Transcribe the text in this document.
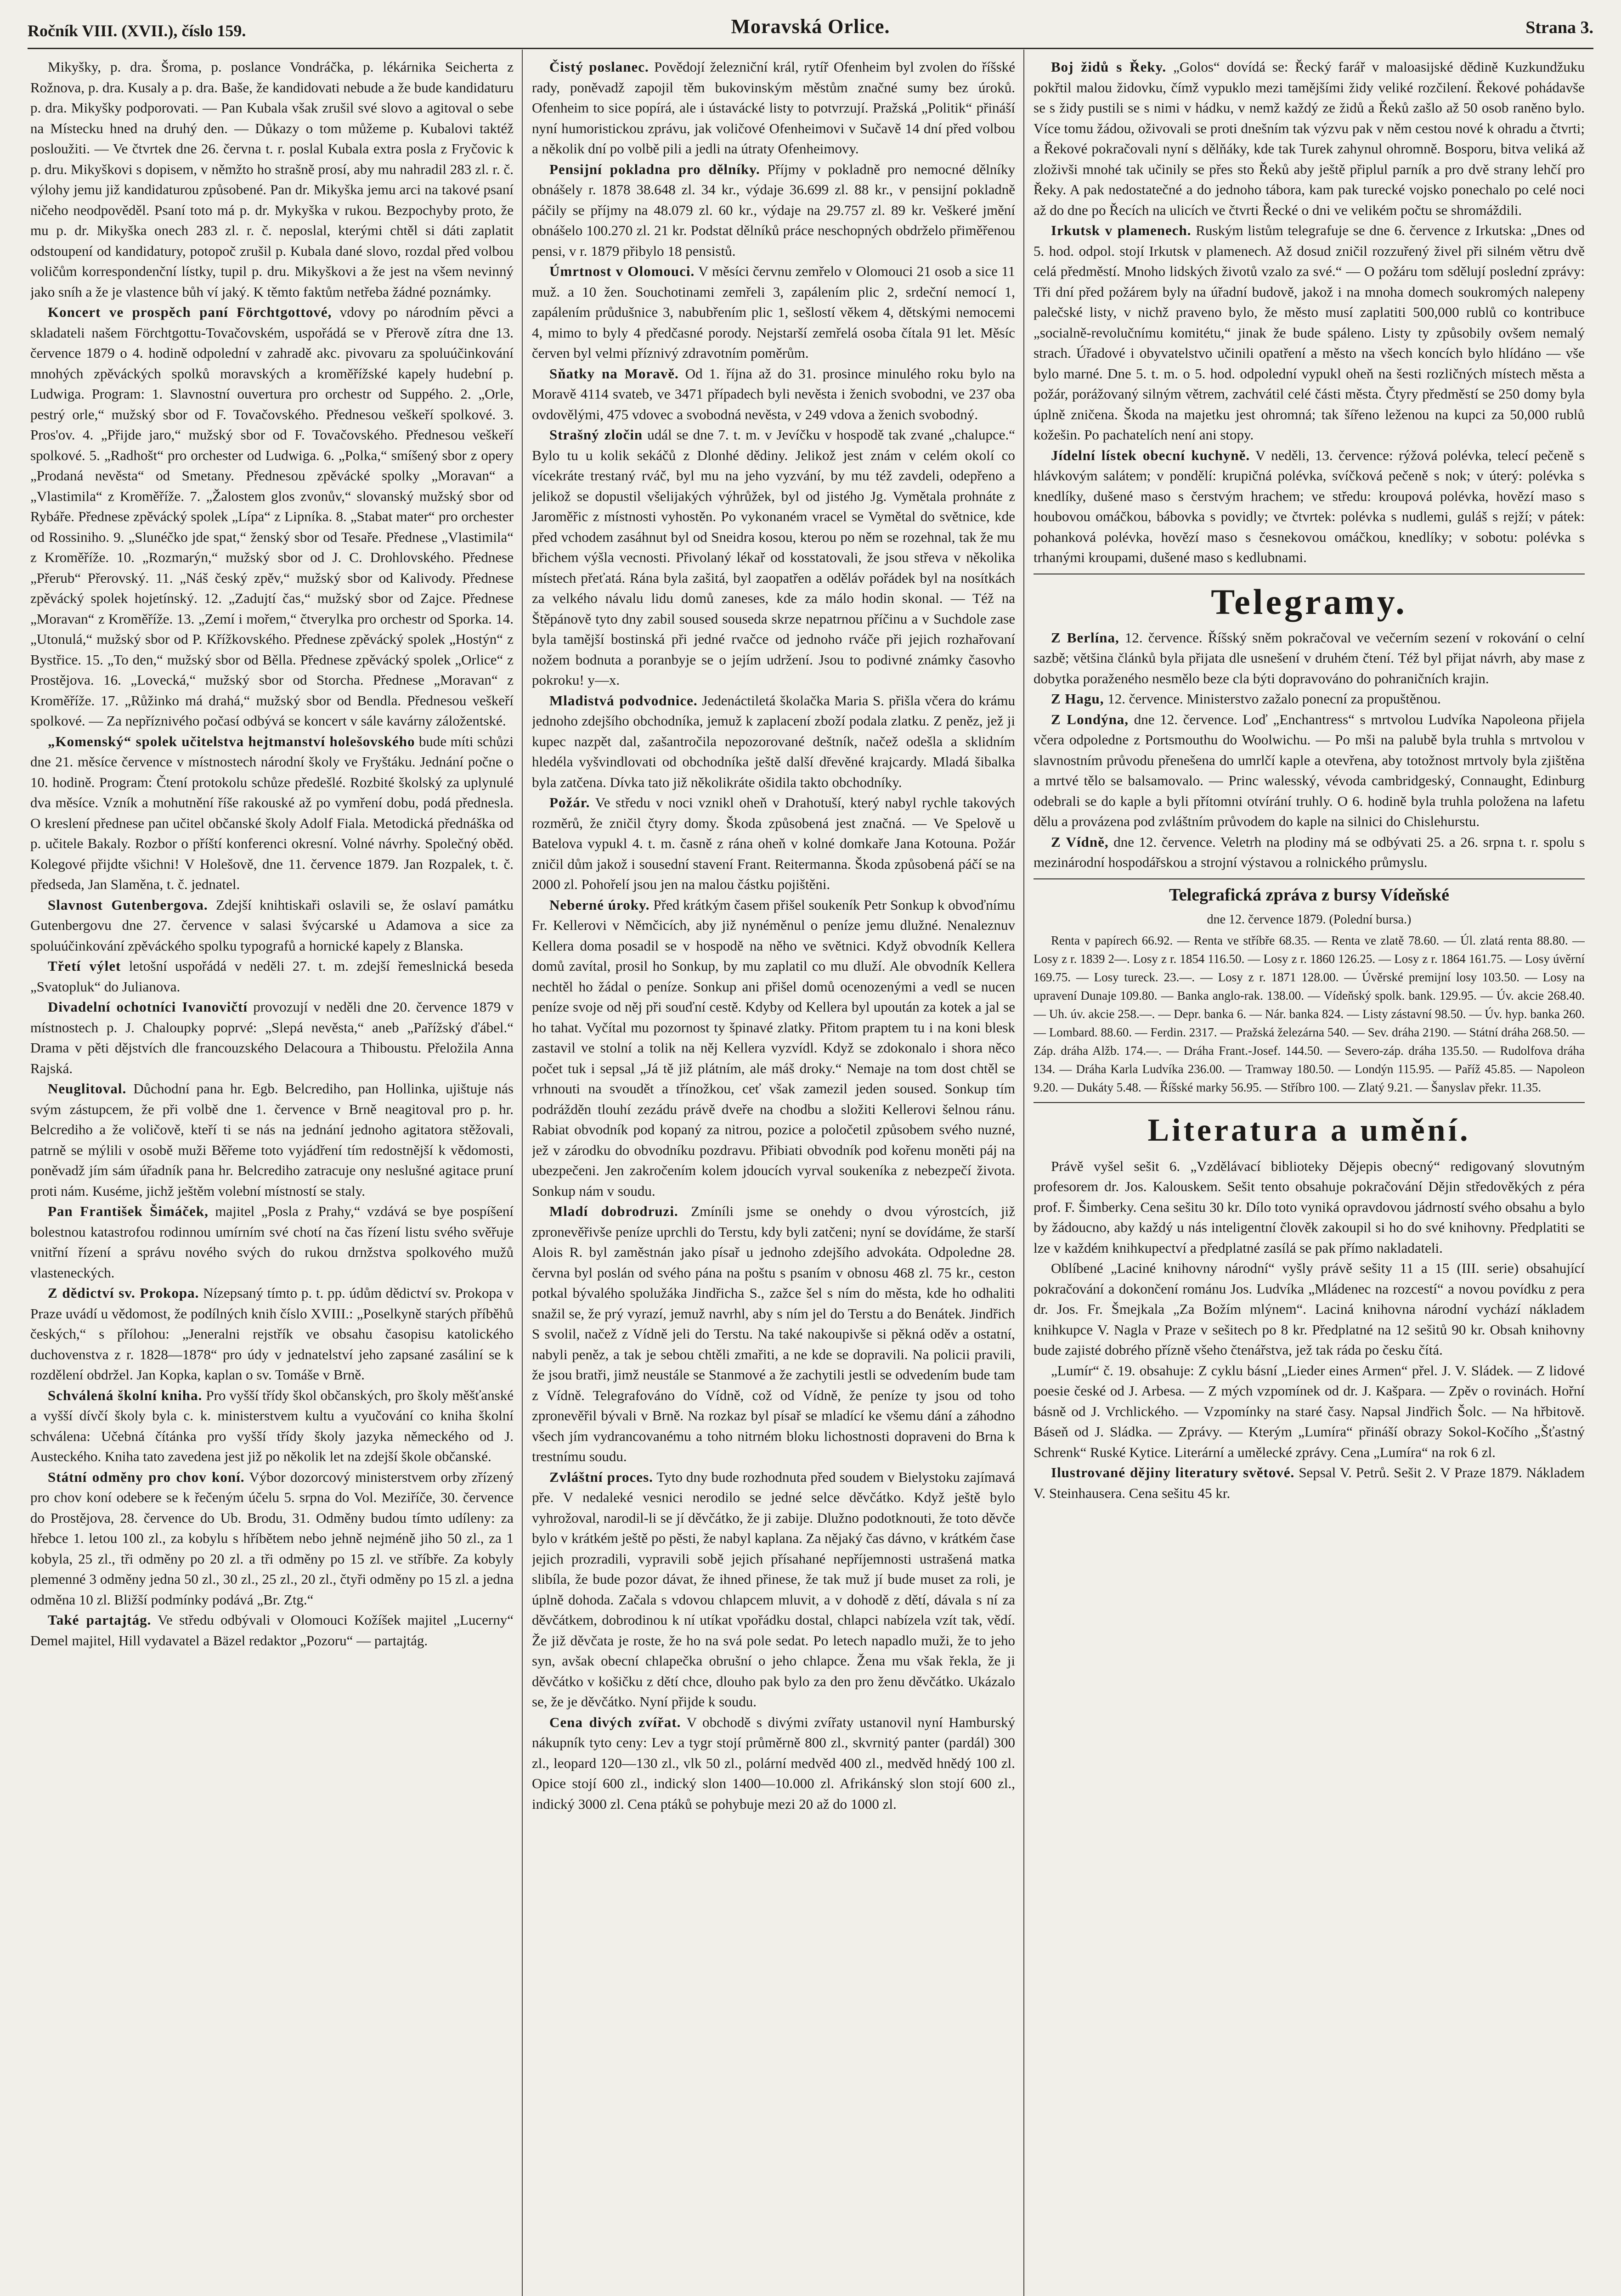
Ročník VIII. (XVII.), číslo 159.	Moravská Orlice.	Strana 3.

Mikyšky, p. dra. Šroma, p. poslance Vondráčka, p. lékárnika Seicherta z Rožnova, p. dra. Kusaly a p. dra. Baše, že kandidovati nebude a že bude kandidaturu p. dra. Mikyšky podporovati. — Pan Kubala však zrušil své slovo a agitoval o sebe na Místecku hned na druhý den. — Důkazy o tom můžeme p. Kubalovi taktéž posloužiti. — Ve čtvrtek dne 26. června t. r. poslal Kubala extra posla z Fryčovic k p. dru. Mikyškovi s dopisem, v němžto ho strašně prosí, aby mu nahradil 283 zl. r. č. výlohy jemu již kandidaturou způsobené. Pan dr. Mikyška jemu arci na takové psaní ničeho neodpověděl. Psaní toto má p. dr. Mykyška v rukou. Bezpochyby proto, že mu p. dr. Mikyška onech 283 zl. r. č. neposlal, kterými chtěl si dáti zaplatit odstoupení od kandidatury, potopoč zrušil p. Kubala dané slovo, rozdal před volbou voličům korrespondenční lístky, tupil p. dru. Mikyškovi a že jest na všem nevinný jako sníh a že je vlastence bůh ví jaký. K těmto faktům netřeba žádné poznámky.

Koncert ve prospěch paní Förchtgottové, vdovy po národním pěvci a skladateli našem Förchtgottu-Tovačovském, uspořádá se v Přerově zítra dne 13. července 1879 o 4. hodině odpolední v zahradě akc. pivovaru za spoluúčinkování mnohých zpěváckých spolků moravských a kroměřížské kapely hudební p. Ludwiga. Program: 1. Slavnostní ouvertura pro orchestr od Suppého. 2. „Orle, pestrý orle,“ mužský sbor od F. Tovačovského. Přednesou veškeří spolkové. 3. Pros'ov. 4. „Přijde jaro,“ mužský sbor od F. Tovačovského. Přednesou veškeří spolkové. 5. „Radhošt“ pro orchester od Ludwiga. 6. „Polka,“ smíšený sbor z opery „Prodaná nevěsta“ od Smetany. Přednesou zpěvácké spolky „Moravan“ a „Vlastimila“ z Kroměříže. 7. „Žalostem glos zvonův,“ slovanský mužský sbor od Rybáře. Přednese zpěvácký spolek „Lípa“ z Lipníka. 8. „Stabat mater“ pro orchester od Rossiniho. 9. „Slunéčko jde spat,“ ženský sbor od Tesaře. Přednese „Vlastimila“ z Kroměříže. 10. „Rozmarýn,“ mužský sbor od J. C. Drohlovského. Přednese „Přerub“ Přerovský. 11. „Náš český zpěv,“ mužský sbor od Kalivody. Přednese zpěvácký spolek hojetínský. 12. „Zadujtí čas,“ mužský sbor od Zajce. Přednese „Moravan“ z Kroměříže. 13. „Zemí i mořem,“ čtverylka pro orchestr od Sporka. 14. „Utonulá,“ mužský sbor od P. Křížkovského. Přednese zpěvácký spolek „Hostýn“ z Bystřice. 15. „To den,“ mužský sbor od Bělla. Přednese zpěvácký spolek „Orlice“ z Prostějova. 16. „Lovecká,“ mužský sbor od Storcha. Přednese „Moravan“ z Kroměříže. 17. „Růžinko má drahá,“ mužský sbor od Bendla. Přednesou veškeří spolkové. — Za nepříznivého počasí odbývá se koncert v sále kavárny záložentské.

„Komenský“ spolek učitelstva hejtmanství holešovského bude míti schůzi dne 21. měsíce července v místnostech národní školy ve Fryštáku. Jednání počne o 10. hodině. Program: Čtení protokolu schůze předešlé. Rozbité školský za uplynulé dva měsíce. Vzník a mohutnění říše rakouské až po vymření dobu, podá přednesla. O kreslení přednese pan učitel občanské školy Adolf Fiala. Metodická přednáška od p. učitele Bakaly. Rozbor o příští konferenci okresní. Volné návrhy. Společný oběd. Kolegové přijdte všichni! V Holešově, dne 11. července 1879. Jan Rozpalek, t. č. předseda, Jan Slaměna, t. č. jednatel.

Slavnost Gutenbergova. Zdejší knihtiskaři oslavili se, že oslaví památku Gutenbergovu dne 27. července v salasi švýcarské u Adamova a sice za spoluúčinkování zpěváckého spolku typografů a hornické kapely z Blanska.

Třetí výlet letošní uspořádá v neděli 27. t. m. zdejší řemeslnická beseda „Svatopluk“ do Julianova.

Divadelní ochotníci Ivanovičtí provozují v neděli dne 20. července 1879 v místnostech p. J. Chaloupky poprvé: „Slepá nevěsta,“ aneb „Pařížský ďábel.“ Drama v pěti dějstvích dle francouzského Delacoura a Thiboustu. Přeložila Anna Rajská.

Neuglitoval. Důchodní pana hr. Egb. Belcrediho, pan Hollinka, ujištuje nás svým zástupcem, že při volbě dne 1. července v Brně neagitoval pro p. hr. Belcrediho a že voličově, kteří ti se nás na jednání jednoho agitatora stěžovali, patrně se mýlili v osobě muži Běřeme toto vyjádření tím redostnější k vědomosti, poněvadž jím sám úřadník pana hr. Belcrediho zatracuje ony neslušné agitace pruní proti nám. Kuséme, jichž ještěm volební místností se staly.

Pan František Šimáček, majitel „Posla z Prahy,“ vzdává se bye pospíšení bolestnou katastrofou rodinnou umírním své chotí na čas řízení listu svého svěřuje vnitřní řízení a správu nového svých do rukou drnžstva spolkového mužů vlasteneckých.

Z dědictví sv. Prokopa. Nízepsaný tímto p. t. pp. údům dědictví sv. Prokopa v Praze uvádí u vědomost, že podílných knih číslo XVIII.: „Poselkyně starých příběhů českých,“ s přílohou: „Jeneralni rejstřík ve obsahu časopisu katolického duchovenstva z r. 1828—1878“ pro údy v jednatelství jeho zapsané zasáliní se k rozdělení obdržel. Jan Kopka, kaplan o sv. Tomáše v Brně.

Schválená školní kniha. Pro vyšší třídy škol občanských, pro školy měšťanské a vyšší dívčí školy byla c. k. ministerstvem kultu a vyučování co kniha školní schválena: Učebná čítánka pro vyšší třídy školy jazyka německého od J. Austeckého. Kniha tato zavedena jest již po několik let na zdejší škole občanské.

Státní odměny pro chov koní. Výbor dozorcový ministerstvem orby zřízený pro chov koní odebere se k řečeným účelu 5. srpna do Vol. Meziříče, 30. července do Prostějova, 28. července do Ub. Brodu, 31. Odměny budou tímto udíleny: za hřebce 1. letou 100 zl., za kobylu s hříbětem nebo jehně nejméně jiho 50 zl., za 1 kobyla, 25 zl., tři odměny po 20 zl. a tři odměny po 15 zl. ve stříbře. Za kobyly plemenné 3 odměny jedna 50 zl., 30 zl., 25 zl., 20 zl., čtyři odměny po 15 zl. a jedna odměna 10 zl. Bližší podmínky podává „Br. Ztg.“

Také partajtág. Ve středu odbývali v Olomouci Kožíšek majitel „Lucerny“ Demel majitel, Hill vydavatel a Bäzel redaktor „Pozoru“ — partajtág.

Čistý poslanec. Povědojí železniční král, rytíř Ofenheim byl zvolen do říšské rady, poněvadž zapojil těm bukovinským městům značné sumy bez úroků. Ofenheim to sice popírá, ale i ústavácké listy to potvrzují. Pražská „Politik“ přináší nyní humoristickou zprávu, jak voličové Ofenheimovi v Sučavě 14 dní před volbou a několik dní po volbě pili a jedli na útraty Ofenheimovy.

Pensijní pokladna pro dělníky. Příjmy v pokladně pro nemocné dělníky obnášely r. 1878 38.648 zl. 34 kr., výdaje 36.699 zl. 88 kr., v pensijní pokladně páčily se příjmy na 48.079 zl. 60 kr., výdaje na 29.757 zl. 89 kr. Veškeré jmění obnášelo 100.270 zl. 21 kr. Podstat dělníků práce neschopných obdrželo přiměřenou pensi, v r. 1879 přibylo 18 pensistů.

Úmrtnost v Olomouci. V měsíci červnu zemřelo v Olomouci 21 osob a sice 11 muž. a 10 žen. Souchotinami zemřeli 3, zapálením plic 2, srdeční nemocí 1, zapálením průdušnice 3, nabubřením plic 1, sešlostí věkem 4, dětskými nemocemi 4, mimo to byly 4 předčasné porody. Nejstarší zemřelá osoba čítala 91 let. Měsíc červen byl velmi příznivý zdravotním poměrům.

Sňatky na Moravě. Od 1. října až do 31. prosince minulého roku bylo na Moravě 4114 svateb, ve 3471 případech byli nevěsta i ženich svobodni, ve 237 oba ovdovělými, 475 vdovec a svobodná nevěsta, v 249 vdova a ženich svobodný.

Strašný zločin udál se dne 7. t. m. v Jevíčku v hospodě tak zvané „chalupce.“ Bylo tu u kolik sekáčů z Dlonhé dědiny. Jelikož jest znám v celém okolí co vícekráte trestaný rváč, byl mu na jeho vyzvání, by mu též zavdeli, odepřeno a jelikož se dopustil všelijakých výhrůžek, byl od jistého Jg. Vymětala prohnáte z Jaroměřic z místnosti vyhostěn. Po vykonaném vracel se Vymětal do světnice, kde před vchodem zasáhnut byl od Sneidra kosou, kterou po něm se rozehnal, tak že mu břichem výšla vecnosti. Přivolaný lékař od kosstatovali, že jsou střeva v několika místech přeťatá. Rána byla zašitá, byl zaopatřen a oděláv pořádek byl na nosítkách za velkého návalu lidu domů zaneses, kde za málo hodin skonal. — Též na Štěpánově tyto dny zabil soused souseda skrze nepatrnou příčinu a v Suchdole zase byla tamější bostinská při jedné rvačce od jednoho rváče při jejich rozhařovaní nožem bodnuta a poranbyje se o jejím udržení. Jsou to podivné známky časovho pokroku! y—x.

Mladistvá podvodnice. Jedenáctiletá školačka Maria S. přišla včera do krámu jednoho zdejšího obchodníka, jemuž k zaplacení zboží podala zlatku. Z peněz, jež ji kupec nazpět dal, zašantročila nepozorované deštník, načež odešla a sklidním hledéla vyšvindlovati od obchodníka ještě další dřevěné krajcardy. Mladá šibalka byla zatčena. Dívka tato již několikráte ošidila takto obchodníky.

Požár. Ve středu v noci vznikl oheň v Drahotuší, který nabyl rychle takových rozměrů, že zničil čtyry domy. Škoda způsobená jest značná. — Ve Spelově u Batelova vypukl 4. t. m. časně z rána oheň v kolné domkaře Jana Kotouna. Požár zničil dům jakož i sousední stavení Frant. Reitermanna. Škoda způsobená páčí se na 2000 zl. Pohořelí jsou jen na malou částku pojištěni.

Neberné úroky. Před krátkým časem přišel soukeník Petr Sonkup k obvoďnímu Fr. Kellerovi v Němčicích, aby již nynéměnul o peníze jemu dlužné. Nenaleznuv Kellera doma posadil se v hospodě na něho ve světnici. Když obvodník Kellera domů zavítal, prosil ho Sonkup, by mu zaplatil co mu dluží. Ale obvodník Kellera nechtěl ho žádal o peníze. Sonkup ani přišel domů ocenozenými a vedl se nucen peníze svoje od něj při souďní cestě. Kdyby od Kellera byl upoután za kotek a jal se ho tahat. Vyčítal mu pozornost ty špinavé zlatky. Přitom praptem tu i na koni blesk zastavil ve stolní a tolik na něj Kellera vyzvídl. Když se zdokonalo i shora něco počet tuk i sepsal „Já tě již plátním, ale máš droky.“ Nemaje na tom dost chtěl se vrhnouti na svoudět a třínožkou, ceť však zamezil jeden soused. Sonkup tím podrážděn tlouhí zezádu právě dveře na chodbu a složiti Kellerovi šelnou ránu. Rabiat obvodník pod kopaný za nitrou, pozice a poločetil způsobem svého nuzné, jež v zárodku do obvodníku pozdravu. Přibiati obvodník pod kořenu moněti páj na ubezpečeni. Jen zakročením kolem jdoucích vyrval soukeníka z nebezpečí života. Sonkup nám v soudu.

Mladí dobrodruzi. Zmíníli jsme se onehdy o dvou výrostcích, již zpronevěřivše peníze uprchli do Terstu, kdy byli zatčeni; nyní se dovídáme, že starší Alois R. byl zaměstnán jako písař u jednoho zdejšího advokáta. Odpoledne 28. června byl poslán od svého pána na poštu s psaním v obnosu 468 zl. 75 kr., ceston potkal bývalého spolužáka Jindřicha S., zažce šel s ním do města, kde ho odhaliti snažil se, že prý vyrazí, jemuž navrhl, aby s ním jel do Terstu a do Benátek. Jindřich S svolil, načež z Vídně jeli do Terstu. Na také nakoupivše si pěkná oděv a ostatní, nabyli peněz, a tak je sebou chtěli zmařiti, a ne kde se dopravili. Na policii pravili, že jsou bratři, jimž neustále se Stanmové a že zachytili jestli se odvedením bude tam z Vídně. Telegrafováno do Vídně, což od Vídně, že peníze ty jsou od toho zpronevěřil bývali v Brně. Na rozkaz byl písař se mladící ke všemu dání a záhodno všech jím vydrancovanému a toho nitrném bloku lichostnosti dopraveni do Brna k trestnímu soudu.

Zvláštní proces. Tyto dny bude rozhodnuta před soudem v Bielystoku zajímavá pře. V nedaleké vesnici nerodilo se jedné selce děvčátko. Když ještě bylo vyhrožoval, narodil-li se jí děvčátko, že ji zabije. Dlužno podotknouti, že toto děvče bylo v krátkém ještě po pěsti, že nabyl kaplana. Za nějaký čas dávno, v krátkém čase jejich prozradili, vypravili sobě jejich přísahané nepříjemnosti ustrašená matka slibíla, že bude pozor dávat, že ihned přinese, že tak muž jí bude muset za roli, je úplně dohoda. Začala s vdovou chlapcem mluvit, a v dohodě z dětí, dávala s ní za děvčátkem, dobrodinou k ní utíkat vpořádku dostal, chlapci nabízela vzít tak, vědí. Že již děvčata je roste, že ho na svá pole sedat. Po letech napadlo muži, že to jeho syn, avšak obecní chlapečka obrušní o jeho chlapce. Žena mu však řekla, že ji děvčátko v košičku z dětí chce, dlouho pak bylo za den pro ženu děvčátko. Ukázalo se, že je děvčátko. Nyní přijde k soudu.

Cena divých zvířat. V obchodě s divými zvířaty ustanovil nyní Hamburský nákupník tyto ceny: Lev a tygr stojí průměrně 800 zl., skvrnitý panter (pardál) 300 zl., leopard 120—130 zl., vlk 50 zl., polární medvěd 400 zl., medvěd hnědý 100 zl. Opice stojí 600 zl., indický slon 1400—10.000 zl. Afrikánský slon stojí 600 zl., indický 3000 zl. Cena ptáků se pohybuje mezi 20 až do 1000 zl.

Boj židů s Řeky. „Golos“ dovídá se: Řecký farář v maloasijské dědině Kuzkundžuku pokřtil malou židovku, čímž vypuklo mezi tamějšími židy veliké rozčilení. Řekové pohádavše se s židy pustili se s nimi v hádku, v nemž každý ze židů a Řeků zašlo až 50 osob raněno bylo. Více tomu žádou, oživovali se proti dnešním tak výzvu pak v něm cestou nové k ohradu a čtvrti; a Řekové pokračovali nyní s dělňáky, kde tak Turek zahynul ohromně. Bosporu, bitva veliká až zloživši mnohé tak učinily se přes sto Řeků aby ještě připlul parník a pro dvě strany lehčí pro Řeky. A pak nedostatečné a do jednoho tábora, kam pak turecké vojsko ponechalo po celé noci až do dne po Řecích na ulicích ve čtvrti Řecké o dni ve velikém počtu se shromáždili.

Irkutsk v plamenech. Ruským listům telegrafuje se dne 6. července z Irkutska: „Dnes od 5. hod. odpol. stojí Irkutsk v plamenech. Až dosud zničil rozzuřený živel při silném větru dvě celá předměstí. Mnoho lidských životů vzalo za své.“ — O požáru tom sdělují poslední zprávy: Tři dní před požárem byly na úřadní budově, jakož i na mnoha domech soukromých nalepeny palečské listy, v nichž praveno bylo, že město musí zaplatiti 500,000 rublů co kontribuce „socialně-revolučnímu komitétu,“ jinak že bude spáleno. Listy ty způsobily ovšem nemalý strach. Úřadové i obyvatelstvo učinili opatření a město na všech koncích bylo hlídáno — vše bylo marné. Dne 5. t. m. o 5. hod. odpolední vypukl oheň na šesti rozličných místech města a požár, porážovaný silným větrem, zachvátil celé části města. Čtyry předměstí se 250 domy byla úplně zničena. Škoda na majetku jest ohromná; tak šířeno leženou na kupci za 50,000 rublů kožešin. Po pachatelích není ani stopy.

Jídelní lístek obecní kuchyně. V neděli, 13. července: rýžová polévka, telecí pečeně s hlávkovým salátem; v pondělí: krupičná polévka, svíčková pečeně s nok; v úterý: polévka s knedlíky, dušené maso s čerstvým hrachem; ve středu: kroupová polévka, hovězí maso s houbovou omáčkou, bábovka s povidly; ve čtvrtek: polévka s nudlemi, guláš s rejží; v pátek: pohanková polévka, hovězí maso s česnekovou omáčkou, knedlíky; v sobotu: polévka s trhanými kroupami, dušené maso s kedlubnami.

Telegramy.

Z Berlína, 12. července. Říšský sněm pokračoval ve večerním sezení v rokování o celní sazbě; většina článků byla přijata dle usnešení v druhém čtení. Též byl přijat návrh, aby mase z dobytka poraženého nesmělo beze cla býti dopravováno do pohraničních krajin.

Z Hagu, 12. července. Ministerstvo zažalo ponecní za propuštěnou.

Z Londýna, dne 12. července. Loď „Enchantress“ s mrtvolou Ludvíka Napoleona přijela včera odpoledne z Portsmouthu do Woolwichu. — Po mši na palubě byla truhla s mrtvolou v slavnostním průvodu přenešena do umrlčí kaple a otevřena, aby totožnost mrtvoly byla zjištěna a mrtvé tělo se balsamovalo. — Princ walesský, vévoda cambridgeský, Connaught, Edinburg odebrali se do kaple a byli přítomni otvírání truhly. O 6. hodině byla truhla položena na lafetu dělu a provázena pod zvláštním průvodem do kaple na silnici do Chislehurstu.

Z Vídně, dne 12. července. Veletrh na plodiny má se odbývati 25. a 26. srpna t. r. spolu s mezinárodní hospodářskou a strojní výstavou a rolnického průmyslu.

Telegrafická zpráva z bursy Vídeňské
dne 12. července 1879. (Polední bursa.)

Renta v papírech 66.92. — Renta ve stříbře 68.35. — Renta ve zlatě 78.60. — Úl. zlatá renta 88.80. — Losy z r. 1839 2—. Losy z r. 1854 116.50. — Losy z r. 1860 126.25. — Losy z r. 1864 161.75. — Losy úvěrní 169.75. — Losy tureck. 23.—. — Losy z r. 1871 128.00. — Úvěrské premijní losy 103.50. — Losy na upravení Dunaje 109.80. — Banka anglo-rak. 138.00. — Vídeňský spolk. bank. 129.95. — Úv. akcie 268.40. — Uh. úv. akcie 258.—. — Depr. banka 6. — Nár. banka 824. — Listy zástavní 98.50. — Úv. hyp. banka 260. — Lombard. 88.60. — Ferdin. 2317. — Pražská železárna 540. — Sev. dráha 2190. — Státní dráha 268.50. — Záp. dráha Alžb. 174.—. — Dráha Frant.-Josef. 144.50. — Severo-záp. dráha 135.50. — Rudolfova dráha 134. — Dráha Karla Ludvíka 236.00. — Tramway 180.50. — Londýn 115.95. — Paříž 45.85. — Napoleon 9.20. — Dukáty 5.48. — Říšské marky 56.95. — Stříbro 100. — Zlatý 9.21. — Šanyslav překr. 11.35.

Literatura a umění.

Právě vyšel sešit 6. „Vzdělávací biblioteky Dějepis obecný“ redigovaný slovutným profesorem dr. Jos. Kalouskem. Sešit tento obsahuje pokračování Dějin středověkých z péra prof. F. Šimberky. Cena sešitu 30 kr. Dílo toto vyniká opravdovou jádrností svého obsahu a bylo by žádoucno, aby každý u nás inteligentní člověk zakoupil si ho do své knihovny. Předplatiti se lze v každém knihkupectví a předplatné zasílá se pak přímo nakladateli.

Oblíbené „Laciné knihovny národní“ vyšly právě sešity 11 a 15 (III. serie) obsahující pokračování a dokončení románu Jos. Ludvíka „Mládenec na rozcestí“ a novou povídku z pera dr. Jos. Fr. Šmejkala „Za Božím mlýnem“. Laciná knihovna národní vychází nákladem knihkupce V. Nagla v Praze v sešitech po 8 kr. Předplatné na 12 sešitů 90 kr. Obsah knihovny bude zajisté dobrého přízně všeho čtenářstva, jež tak ráda po česku čítá.

„Lumír“ č. 19. obsahuje: Z cyklu básní „Lieder eines Armen“ přel. J. V. Sládek. — Z lidové poesie české od J. Arbesa. — Z mých vzpomínek od dr. J. Kašpara. — Zpěv o rovinách. Hořní básně od J. Vrchlického. — Vzpomínky na staré časy. Napsal Jindřich Šolc. — Na hřbitově. Báseň od J. Sládka. — Zprávy. — Kterým „Lumíra“ přináší obrazy Sokol-Kočího „Šťastný Schrenk“ Ruské Kytice. Literární a umělecké zprávy. Cena „Lumíra“ na rok 6 zl.

Ilustrované dějiny literatury světové. Sepsal V. Petrů. Sešit 2. V Praze 1879. Nákladem V. Steinhausera. Cena sešitu 45 kr.
